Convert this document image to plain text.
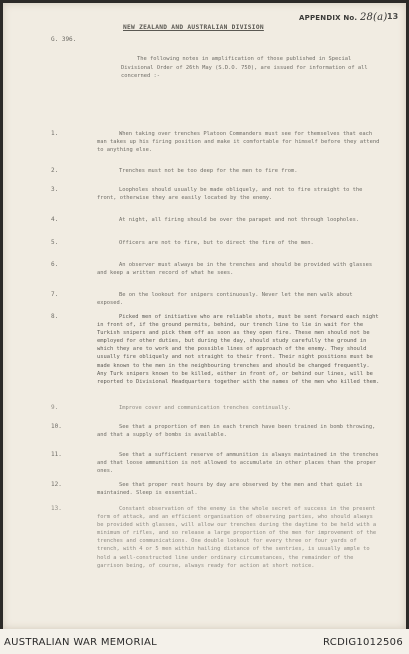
APPENDIX No. 28(a) 13
NEW ZEALAND AND AUSTRALIAN DIVISION
G. 396.

The following notes in amplification of those published in Special Divisional Order of 26th May (S.D.O. 750), are issued for information of all concerned :-

1.	When taking over trenches Platoon Commanders must see for themselves that each man takes up his firing position and make it comfortable for himself before they attend to anything else.

2.	Trenches must not be too deep for the men to fire from.

3.	Loopholes should usually be made obliquely, and not to fire straight to the front, otherwise they are easily located by the enemy.

4.	At night, all firing should be over the parapet and not through loopholes.

5.	Officers are not to fire, but to direct the fire of the men.

6.	An observer must always be in the trenches and should be provided with glasses and keep a written record of what he sees.

7.	Be on the lookout for snipers continuously. Never let the men walk about exposed.

8.	Picked men of initiative who are reliable shots, must be sent forward each night in front of, if the ground permits, behind, our trench line to lie in wait for the Turkish snipers and pick them off as soon as they open fire. These men should not be employed for other duties, but during the day, should study carefully the ground in which they are to work and the possible lines of approach of the enemy. They should usually fire obliquely and not straight to their front. Their night positions must be made known to the men in the neighbouring trenches and should be changed frequently. Any Turk snipers known to be killed, either in front of, or behind our lines, will be reported to Divisional Headquarters together with the names of the men who killed them.

9.	Improve cover and communication trenches continually.

10.	See that a proportion of men in each trench have been trained in bomb throwing, and that a supply of bombs is available.

11.	See that a sufficient reserve of ammunition is always maintained in the trenches and that loose ammunition is not allowed to accumulate in other places than the proper ones.

12.	See that proper rest hours by day are observed by the men and that quiet is maintained. Sleep is essential.

13.	Constant observation of the enemy is the whole secret of success in the present form of attack, and an efficient organisation of observing parties, who should always be provided with glasses, will allow our trenches during the daytime to be held with a minimum of rifles, and so release a large proportion of the men for improvement of the trenches and communications. One double lookout for every three or four yards of trench, with 4 or 5 men within hailing distance of the sentries, is usually ample to hold a well-constructed line under ordinary circumstances, the remainder of the garrison being, of course, always ready for action at short notice.

AUSTRALIAN WAR MEMORIAL	RCDIG1012506
